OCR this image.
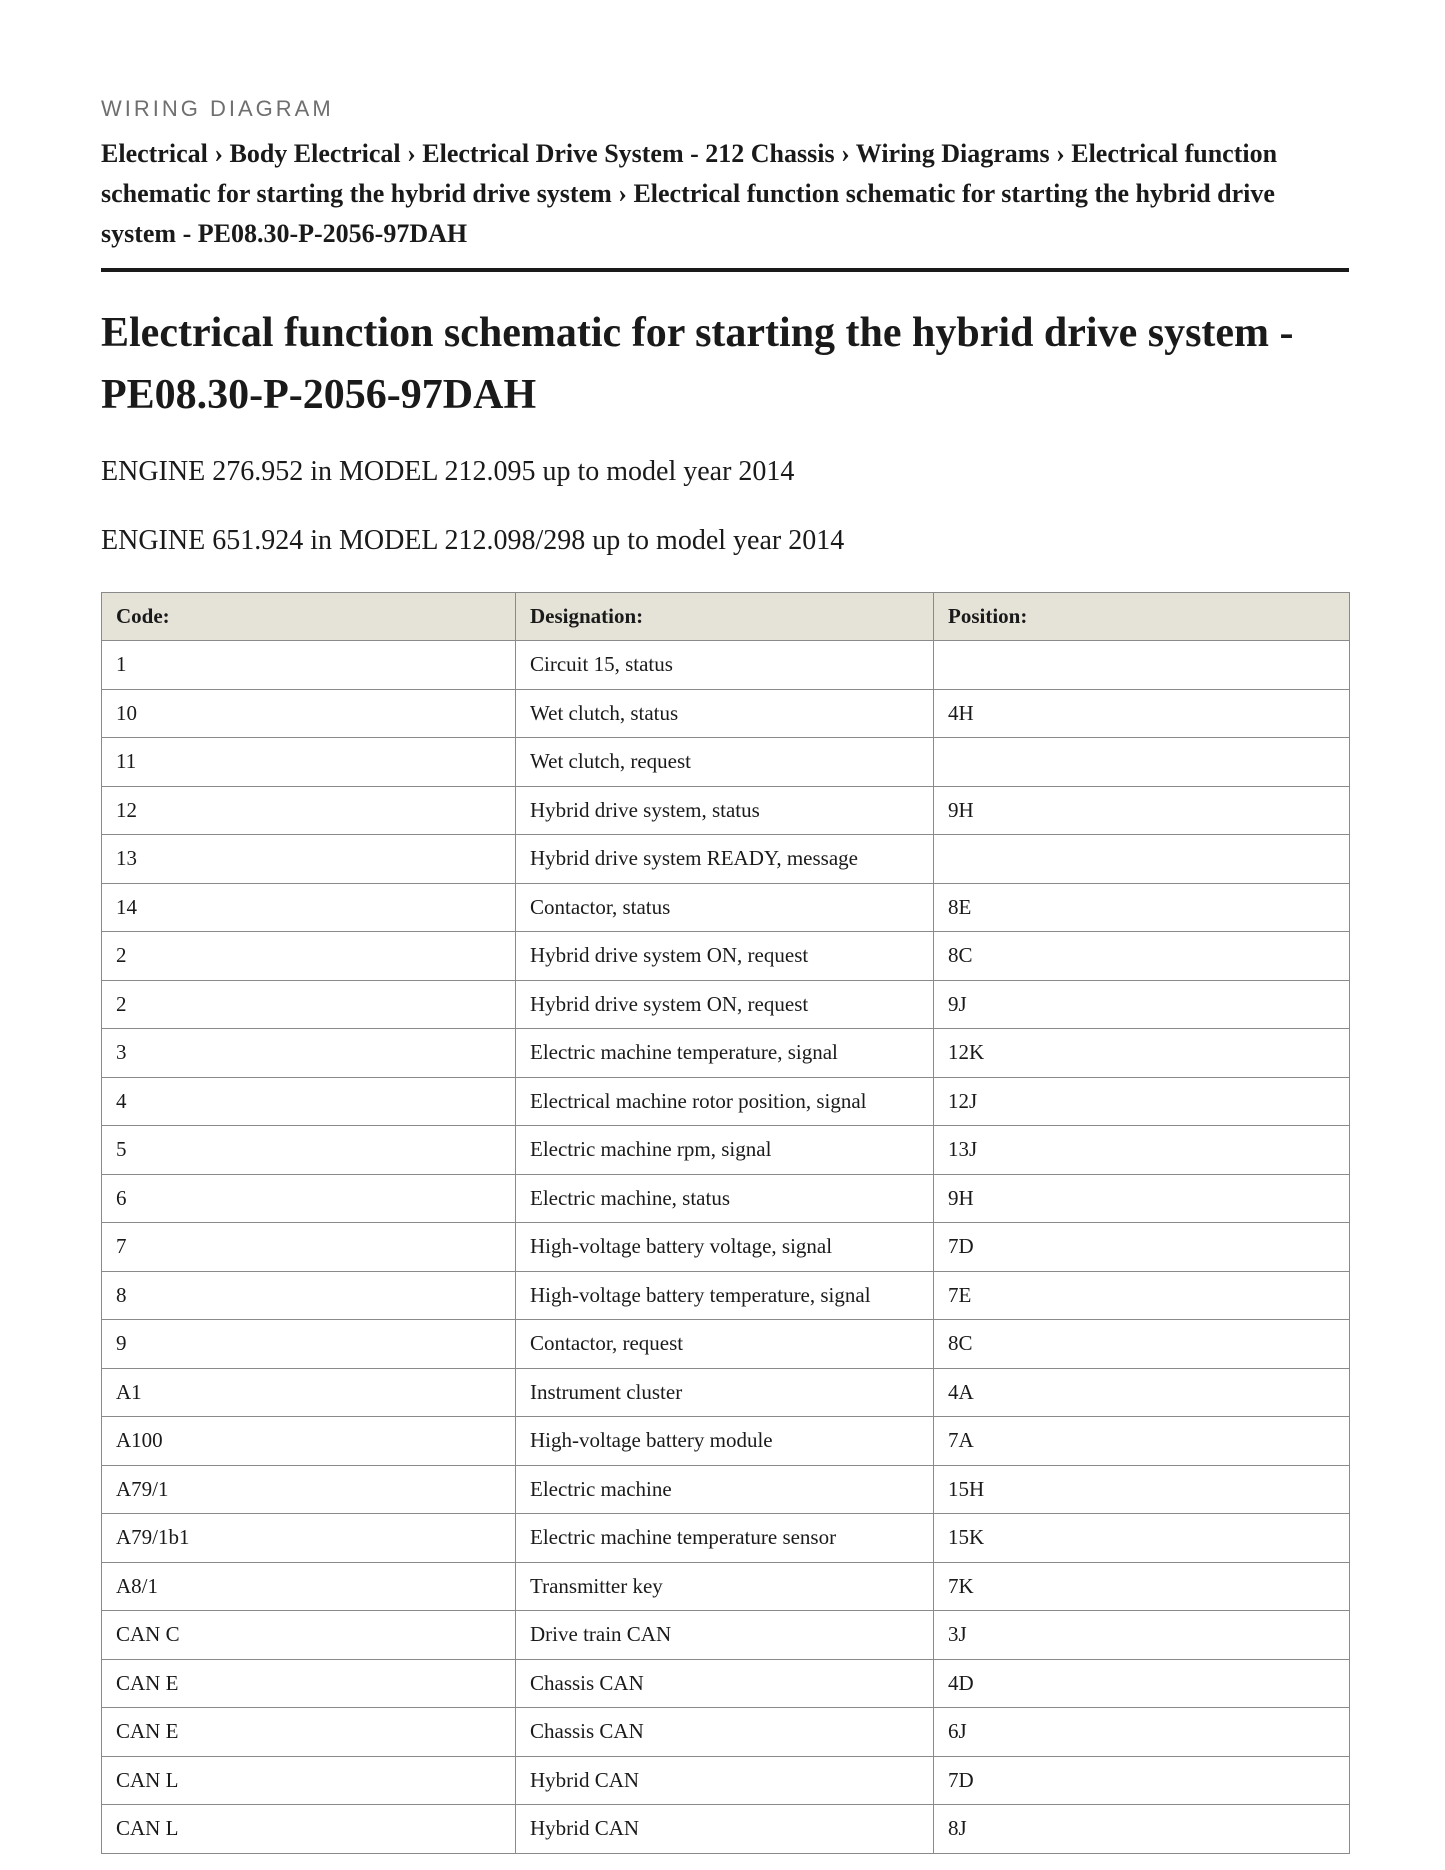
WIRING DIAGRAM
Electrical › Body Electrical › Electrical Drive System - 212 Chassis › Wiring Diagrams › Electrical function schematic for starting the hybrid drive system › Electrical function schematic for starting the hybrid drive system - PE08.30-P-2056-97DAH
Electrical function schematic for starting the hybrid drive system - PE08.30-P-2056-97DAH
ENGINE 276.952 in MODEL 212.095 up to model year 2014
ENGINE 651.924 in MODEL 212.098/298 up to model year 2014
Code:	Designation:	Position:
1	Circuit 15, status	
10	Wet clutch, status	4H
11	Wet clutch, request	
12	Hybrid drive system, status	9H
13	Hybrid drive system READY, message	
14	Contactor, status	8E
2	Hybrid drive system ON, request	8C
2	Hybrid drive system ON, request	9J
3	Electric machine temperature, signal	12K
4	Electrical machine rotor position, signal	12J
5	Electric machine rpm, signal	13J
6	Electric machine, status	9H
7	High-voltage battery voltage, signal	7D
8	High-voltage battery temperature, signal	7E
9	Contactor, request	8C
A1	Instrument cluster	4A
A100	High-voltage battery module	7A
A79/1	Electric machine	15H
A79/1b1	Electric machine temperature sensor	15K
A8/1	Transmitter key	7K
CAN C	Drive train CAN	3J
CAN E	Chassis CAN	4D
CAN E	Chassis CAN	6J
CAN L	Hybrid CAN	7D
CAN L	Hybrid CAN	8J
